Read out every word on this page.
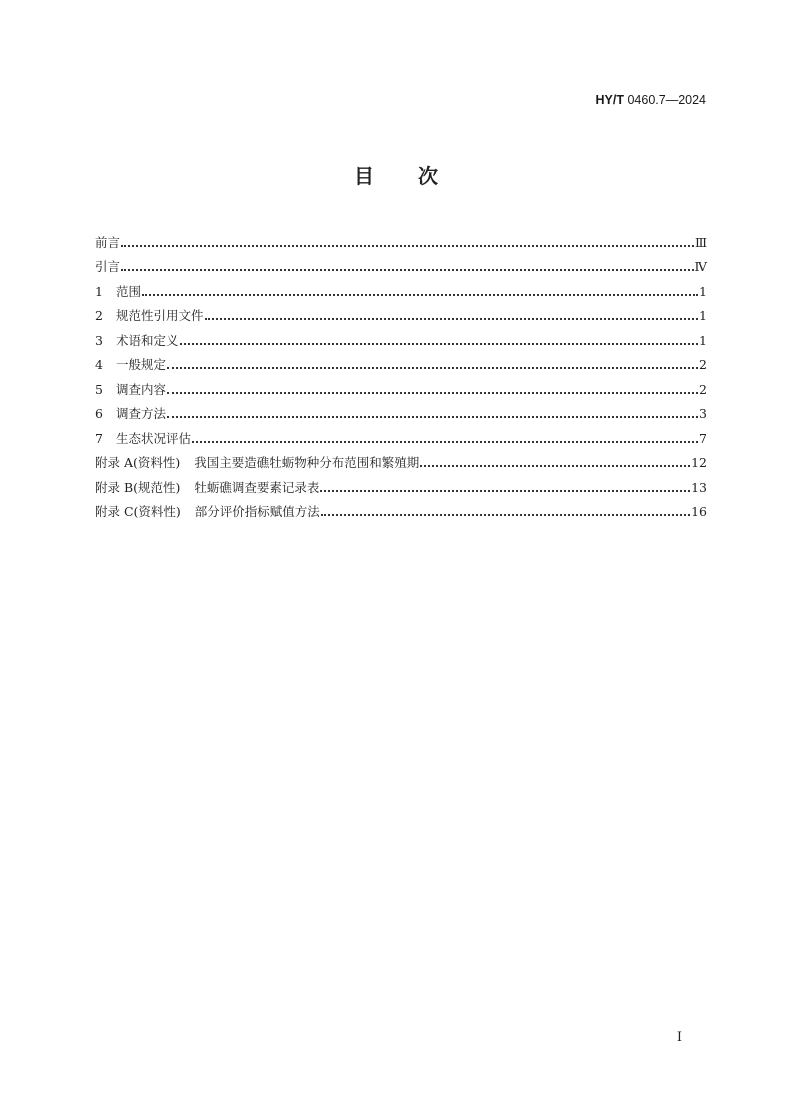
HY/T 0460.7—2024
目 次
前言	Ⅲ
引言	Ⅳ
1	范围	1
2	规范性引用文件	1
3	术语和定义	1
4	一般规定	2
5	调查内容	2
6	调查方法	3
7	生态状况评估	7
附录 A(资料性) 我国主要造礁牡蛎物种分布范围和繁殖期	12
附录 B(规范性) 牡蛎礁调查要素记录表	13
附录 C(资料性) 部分评价指标赋值方法	16
Ⅰ
